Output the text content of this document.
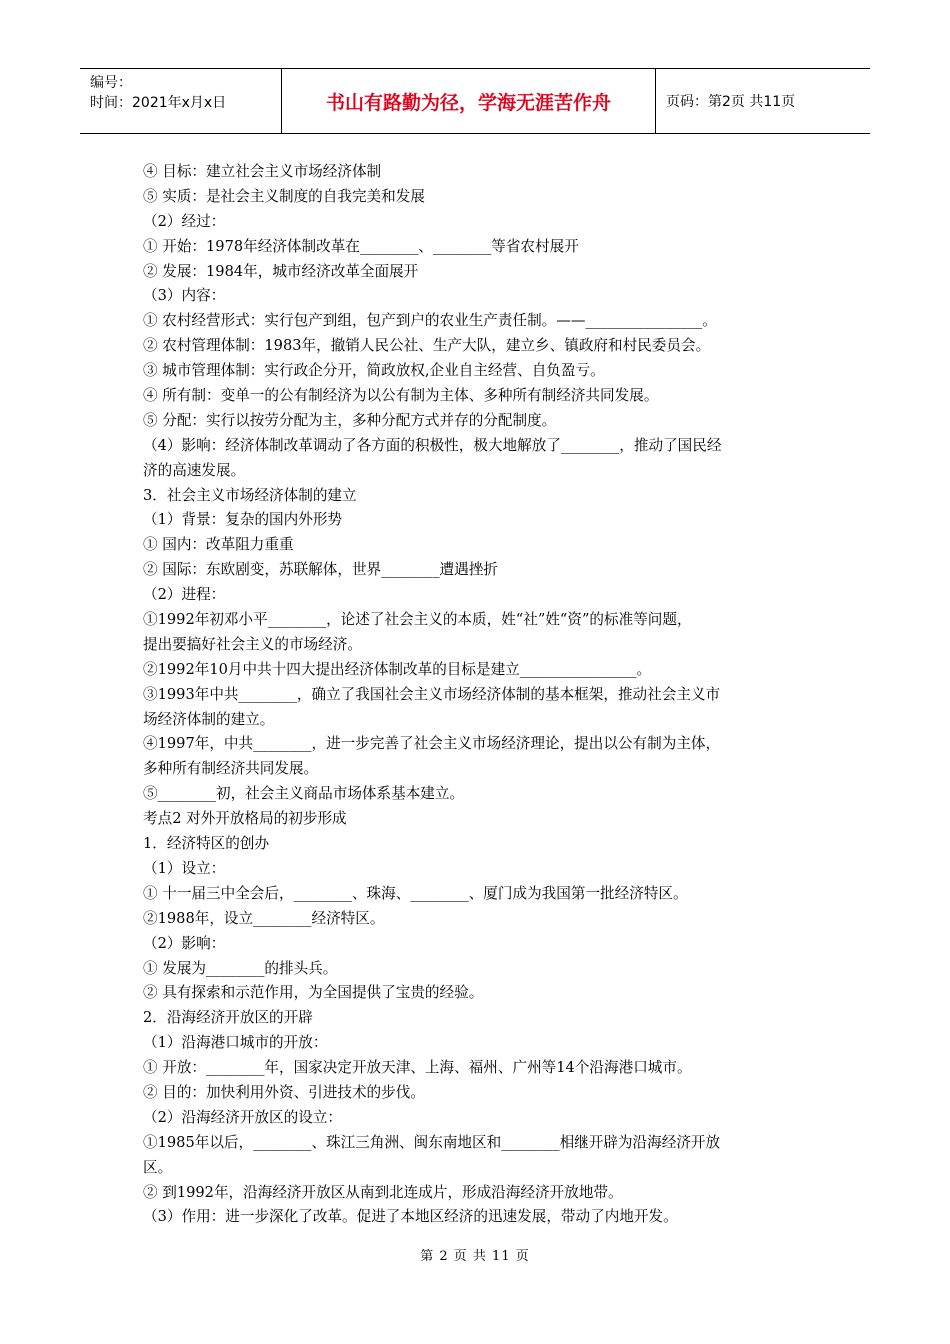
编号：
时间：2021年x月x日	书山有路勤为径，学海无涯苦作舟	页码：第2页 共11页
④ 目标：建立社会主义市场经济体制
⑤ 实质：是社会主义制度的自我完美和发展
（2）经过：
① 开始：1978年经济体制改革在________、________等省农村展开
② 发展：1984年，城市经济改革全面展开
（3）内容：
① 农村经营形式：实行包产到组，包产到户的农业生产责任制。——________________。
② 农村管理体制：1983年，撤销人民公社、生产大队，建立乡、镇政府和村民委员会。
③ 城市管理体制：实行政企分开，简政放权,企业自主经营、自负盈亏。
④ 所有制：变单一的公有制经济为以公有制为主体、多种所有制经济共同发展。
⑤ 分配：实行以按劳分配为主，多种分配方式并存的分配制度。
（4）影响：经济体制改革调动了各方面的积极性，极大地解放了________，推动了国民经
济的高速发展。
3．社会主义市场经济体制的建立
（1）背景：复杂的国内外形势
① 国内：改革阻力重重
② 国际：东欧剧变，苏联解体，世界________遭遇挫折
（2）进程：
①1992年初邓小平________，论述了社会主义的本质，姓“社”姓“资”的标准等问题，
提出要搞好社会主义的市场经济。
②1992年10月中共十四大提出经济体制改革的目标是建立________________。
③1993年中共________，确立了我国社会主义市场经济体制的基本框架，推动社会主义市
场经济体制的建立。
④1997年，中共________，进一步完善了社会主义市场经济理论，提出以公有制为主体，
多种所有制经济共同发展。
⑤________初，社会主义商品市场体系基本建立。
考点2 对外开放格局的初步形成
1．经济特区的创办
（1）设立：
① 十一届三中全会后，________、珠海、________、厦门成为我国第一批经济特区。
②1988年，设立________经济特区。
（2）影响：
① 发展为________的排头兵。
② 具有探索和示范作用，为全国提供了宝贵的经验。
2．沿海经济开放区的开辟
（1）沿海港口城市的开放：
① 开放：________年，国家决定开放天津、上海、福州、广州等14个沿海港口城市。
② 目的：加快利用外资、引进技术的步伐。
（2）沿海经济开放区的设立：
①1985年以后，________、珠江三角洲、闽东南地区和________相继开辟为沿海经济开放
区。
② 到1992年，沿海经济开放区从南到北连成片，形成沿海经济开放地带。
（3）作用：进一步深化了改革。促进了本地区经济的迅速发展，带动了内地开发。
第 2 页 共 11 页
